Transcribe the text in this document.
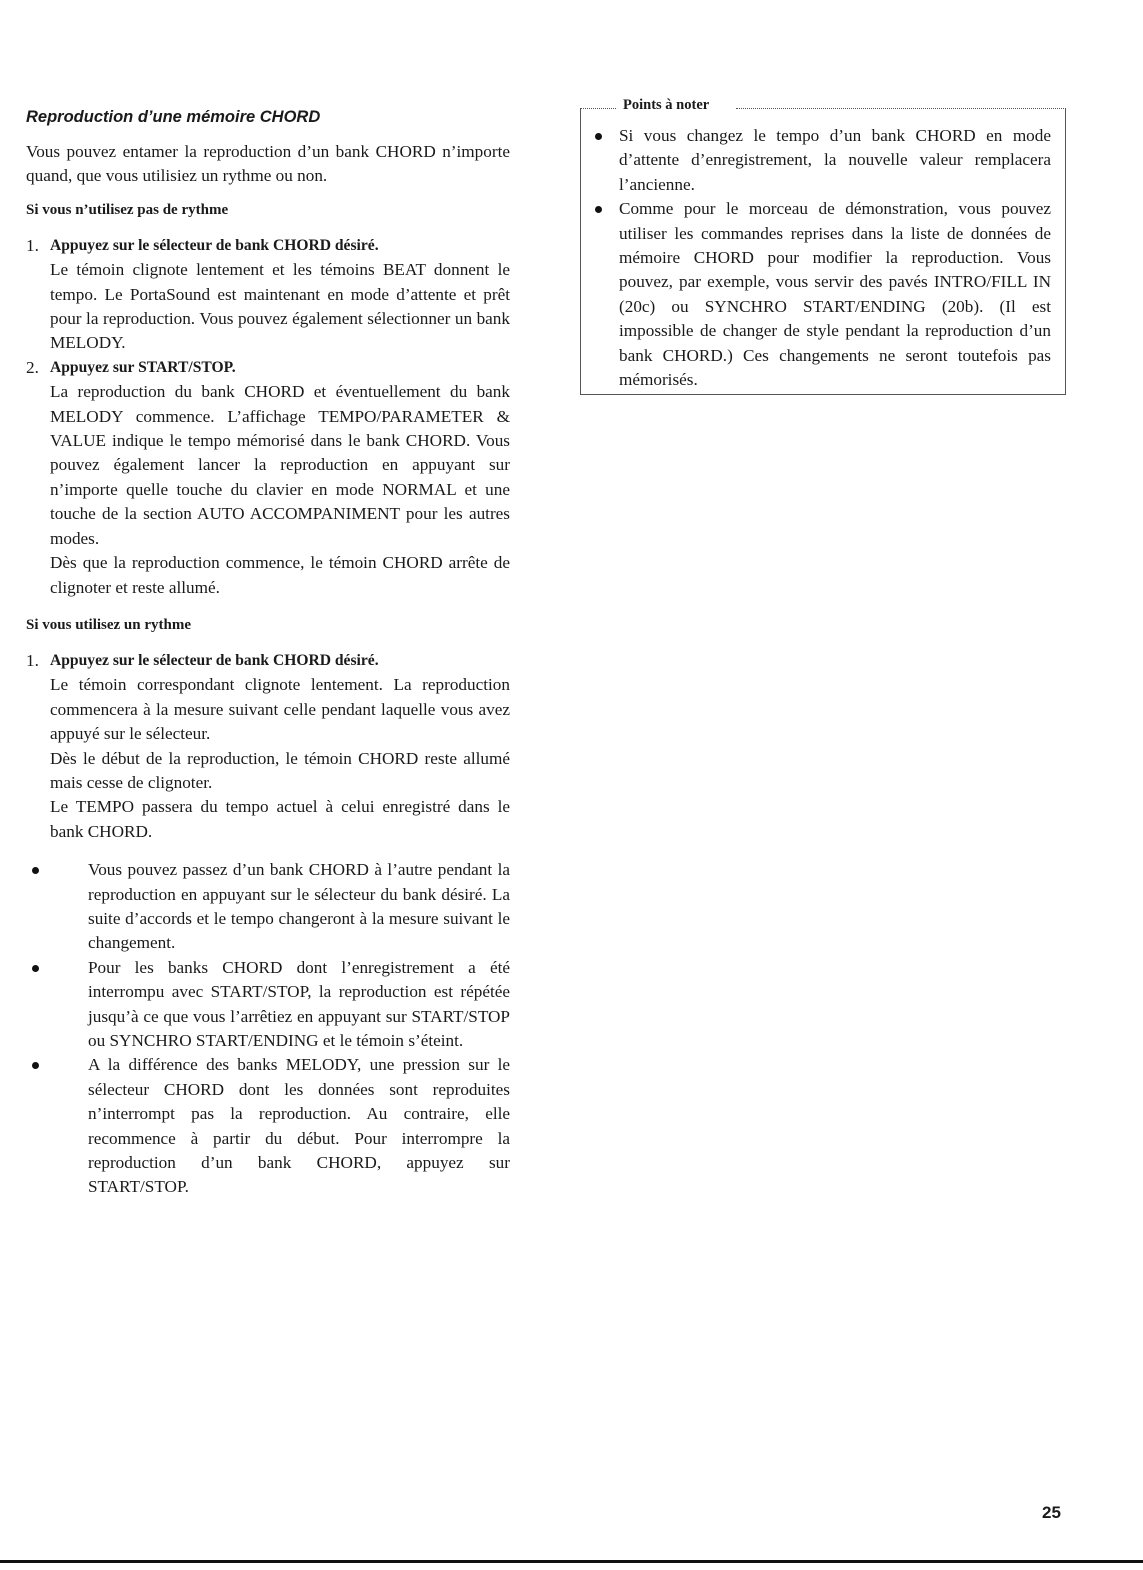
Reproduction d’une mémoire CHORD

Vous pouvez entamer la reproduction d’un bank CHORD n’importe quand, que vous utilisiez un rythme ou non.

Si vous n’utilisez pas de rythme
1. Appuyez sur le sélecteur de bank CHORD désiré.

Le témoin clignote lentement et les témoins BEAT donnent le tempo. Le PortaSound est maintenant en mode d’attente et prêt pour la reproduction. Vous pouvez également sélectionner un bank MELODY.

2. Appuyez sur START/STOP.

La reproduction du bank CHORD et éventuellement du bank MELODY commence. L’affichage TEMPO/PARAMETER & VALUE indique le tempo mémorisé dans le bank CHORD. Vous pouvez également lancer la reproduction en appuyant sur n’importe quelle touche du clavier en mode NORMAL et une touche de la section AUTO ACCOMPANIMENT pour les autres modes.

Dès que la reproduction commence, le témoin CHORD arrête de clignoter et reste allumé.

Si vous utilisez un rythme
1. Appuyez sur le sélecteur de bank CHORD désiré.

Le témoin correspondant clignote lentement. La reproduction commencera à la mesure suivant celle pendant laquelle vous avez appuyé sur le sélecteur.

Dès le début de la reproduction, le témoin CHORD reste allumé mais cesse de clignoter.

Le TEMPO passera du tempo actuel à celui enregistré dans le bank CHORD.

Vous pouvez passez d’un bank CHORD à l’autre pendant la reproduction en appuyant sur le sélecteur du bank désiré. La suite d’accords et le tempo changeront à la mesure suivant le changement.

Pour les banks CHORD dont l’enregistrement a été interrompu avec START/STOP, la reproduction est répétée jusqu’à ce que vous l’arrêtiez en appuyant sur START/STOP ou SYNCHRO START/ENDING et le témoin s’éteint.

A la différence des banks MELODY, une pression sur le sélecteur CHORD dont les données sont reproduites n’interrompt pas la reproduction. Au contraire, elle recommence à partir du début. Pour interrompre la reproduction d’un bank CHORD, appuyez sur START/STOP.

Points à noter

Si vous changez le tempo d’un bank CHORD en mode d’attente d’enregistrement, la nouvelle valeur remplacera l’ancienne.

Comme pour le morceau de démonstration, vous pouvez utiliser les commandes reprises dans la liste de données de mémoire CHORD pour modifier la reproduction. Vous pouvez, par exemple, vous servir des pavés INTRO/FILL IN (20c) ou SYNCHRO START/ENDING (20b). (Il est impossible de changer de style pendant la reproduction d’un bank CHORD.) Ces changements ne seront toutefois pas mémorisés.

25
